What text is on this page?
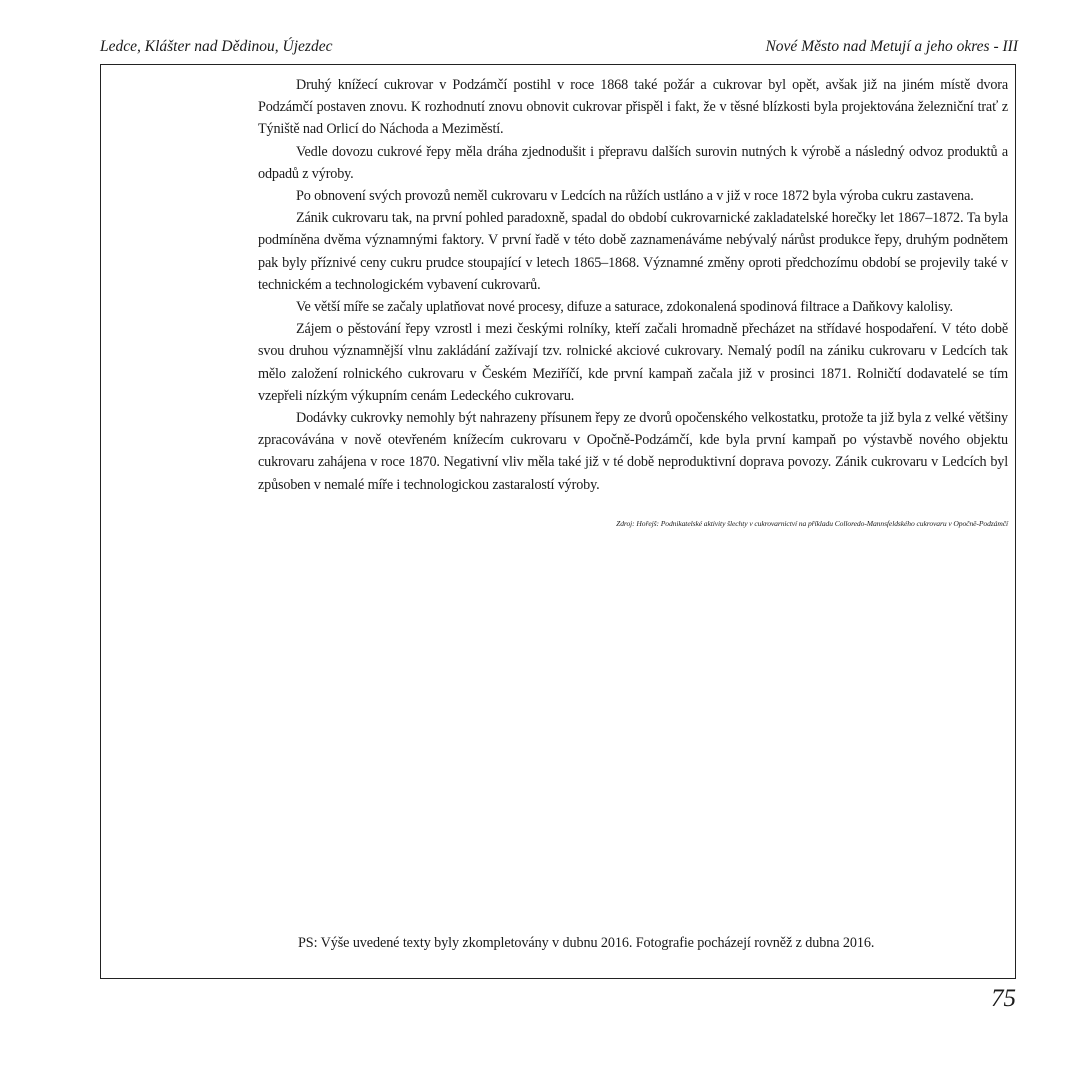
Ledce, Klášter nad Dědinou, Újezdec	Nové Město nad Metují a jeho okres - III

Druhý knížecí cukrovar v Podzámčí postihl v roce 1868 také požár a cukrovar byl opět, avšak již na jiném místě dvora Podzámčí postaven znovu. K rozhodnutí znovu obnovit cukrovar přispěl i fakt, že v těsné blízkosti byla projektována železniční trať z Týniště nad Orlicí do Náchoda a Meziměstí.

Vedle dovozu cukrové řepy měla dráha zjednodušit i přepravu dalších surovin nutných k výrobě a následný odvoz produktů a odpadů z výroby.

Po obnovení svých provozů neměl cukrovaru v Ledcích na růžích ustláno a v již v roce 1872 byla výroba cukru zastavena.

Zánik cukrovaru tak, na první pohled paradoxně, spadal do období cukrovarnické zakladatelské horečky let 1867–1872. Ta byla podmíněna dvěma významnými faktory. V první řadě v této době zaznamenáváme nebývalý nárůst produkce řepy, druhým podnětem pak byly příznivé ceny cukru prudce stoupající v letech 1865–1868. Významné změny oproti předchozímu období se projevily také v technickém a technologickém vybavení cukrovarů.

Ve větší míře se začaly uplatňovat nové procesy, difuze a saturace, zdokonalená spodinová filtrace a Daňkovy kalolisy.

Zájem o pěstování řepy vzrostl i mezi českými rolníky, kteří začali hromadně přecházet na střídavé hospodaření. V této době svou druhou významnější vlnu zakládání zažívají tzv. rolnické akciové cukrovary. Nemalý podíl na zániku cukrovaru v Ledcích tak mělo založení rolnického cukrovaru v Českém Meziříčí, kde první kampaň začala již v prosinci 1871. Rolničtí dodavatelé se tím vzepřeli nízkým výkupním cenám Ledeckého cukrovaru.

Dodávky cukrovky nemohly být nahrazeny přísunem řepy ze dvorů opočenského velkostatku, protože ta již byla z velké většiny zpracovávána v nově otevřeném knížecím cukrovaru v Opočně-Podzámčí, kde byla první kampaň po výstavbě nového objektu cukrovaru zahájena v roce 1870. Negativní vliv měla také již v té době neproduktivní doprava povozy. Zánik cukrovaru v Ledcích byl způsoben v nemalé míře i technologickou zastaralostí výroby.

Zdroj: Hořejš: Podnikatelské aktivity šlechty v cukrovarnictví na příkladu Colloredo-Mannsfeldského cukrovaru v Opočně-Podzámčí
PS: Výše uvedené texty byly zkompletovány v dubnu 2016. Fotografie pocházejí rovněž z dubna 2016.
75
